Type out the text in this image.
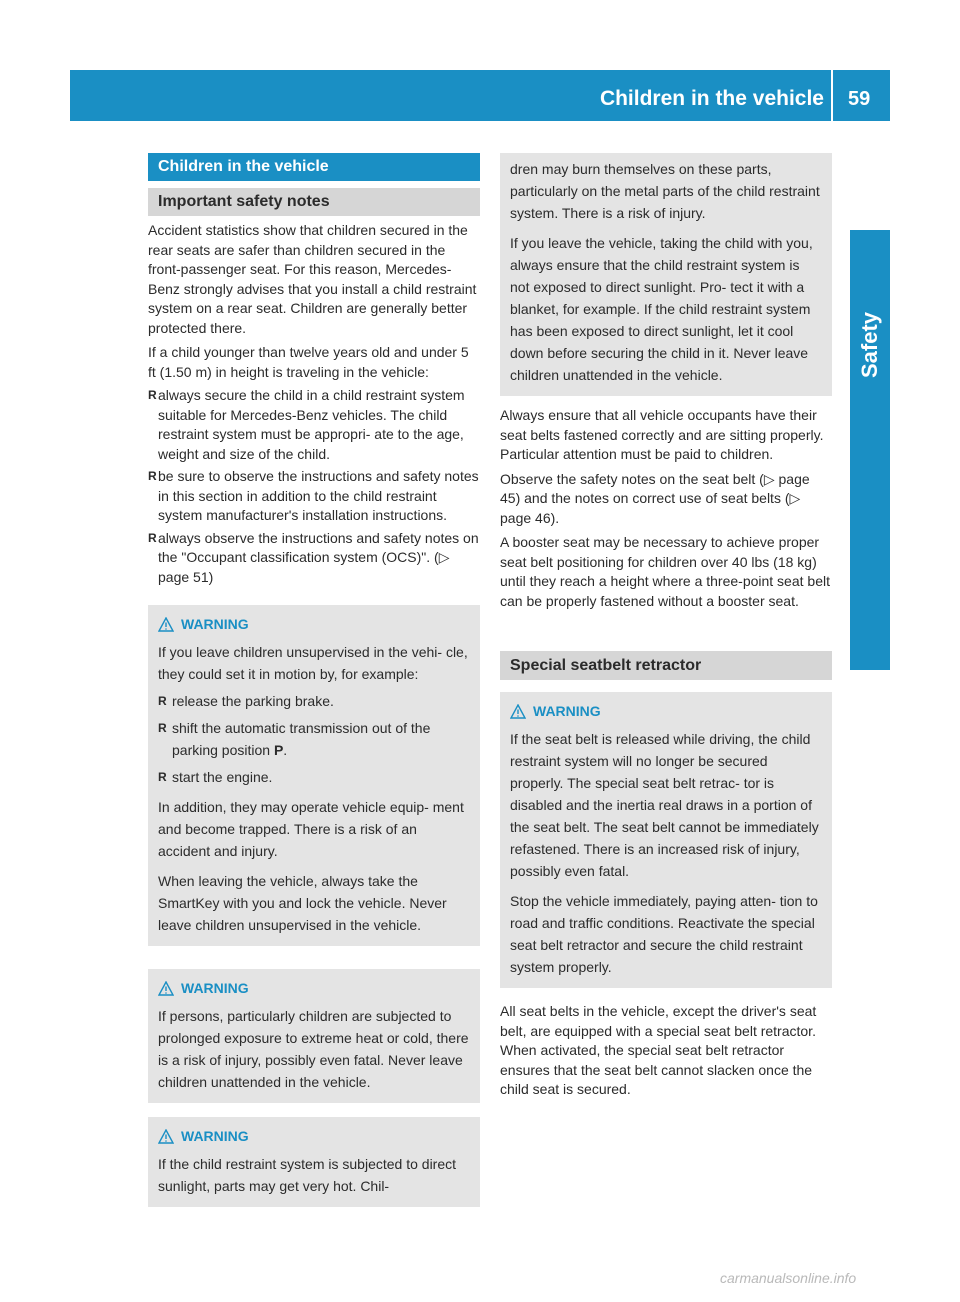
Children in the vehicle 59
Safety
Children in the vehicle
Important safety notes

Accident statistics show that children secured in the rear seats are safer than children secured in the front-passenger seat. For this reason, Mercedes-Benz strongly advises that you install a child restraint system on a rear seat. Children are generally better protected there.

If a child younger than twelve years old and under 5 ft (1.50 m) in height is traveling in the vehicle:

R always secure the child in a child restraint system suitable for Mercedes-Benz vehicles. The child restraint system must be appropri- ate to the age, weight and size of the child.
R be sure to observe the instructions and safety notes in this section in addition to the child restraint system manufacturer's installation instructions.
R always observe the instructions and safety notes on the "Occupant classification system (OCS)". (▷ page 51)
WARNING

If you leave children unsupervised in the vehi- cle, they could set it in motion by, for example:

R release the parking brake.
R shift the automatic transmission out of the parking position P.
R start the engine.

In addition, they may operate vehicle equip- ment and become trapped. There is a risk of an accident and injury.

When leaving the vehicle, always take the SmartKey with you and lock the vehicle. Never leave children unsupervised in the vehicle.

WARNING

If persons, particularly children are subjected to prolonged exposure to extreme heat or cold, there is a risk of injury, possibly even fatal. Never leave children unattended in the vehicle.

WARNING

If the child restraint system is subjected to direct sunlight, parts may get very hot. Chil-

dren may burn themselves on these parts, particularly on the metal parts of the child restraint system. There is a risk of injury.

If you leave the vehicle, taking the child with you, always ensure that the child restraint system is not exposed to direct sunlight. Pro- tect it with a blanket, for example. If the child restraint system has been exposed to direct sunlight, let it cool down before securing the child in it. Never leave children unattended in the vehicle.

Always ensure that all vehicle occupants have their seat belts fastened correctly and are sitting properly. Particular attention must be paid to children.

Observe the safety notes on the seat belt (▷ page 45) and the notes on correct use of seat belts (▷ page 46).

A booster seat may be necessary to achieve proper seat belt positioning for children over 40 lbs (18 kg) until they reach a height where a three-point seat belt can be properly fastened without a booster seat.

Special seatbelt retractor
WARNING

If the seat belt is released while driving, the child restraint system will no longer be secured properly. The special seat belt retrac- tor is disabled and the inertia real draws in a portion of the seat belt. The seat belt cannot be immediately refastened. There is an increased risk of injury, possibly even fatal.

Stop the vehicle immediately, paying atten- tion to road and traffic conditions. Reactivate the special seat belt retractor and secure the child restraint system properly.

All seat belts in the vehicle, except the driver's seat belt, are equipped with a special seat belt retractor. When activated, the special seat belt retractor ensures that the seat belt cannot slacken once the child seat is secured.

carmanualsonline.info
